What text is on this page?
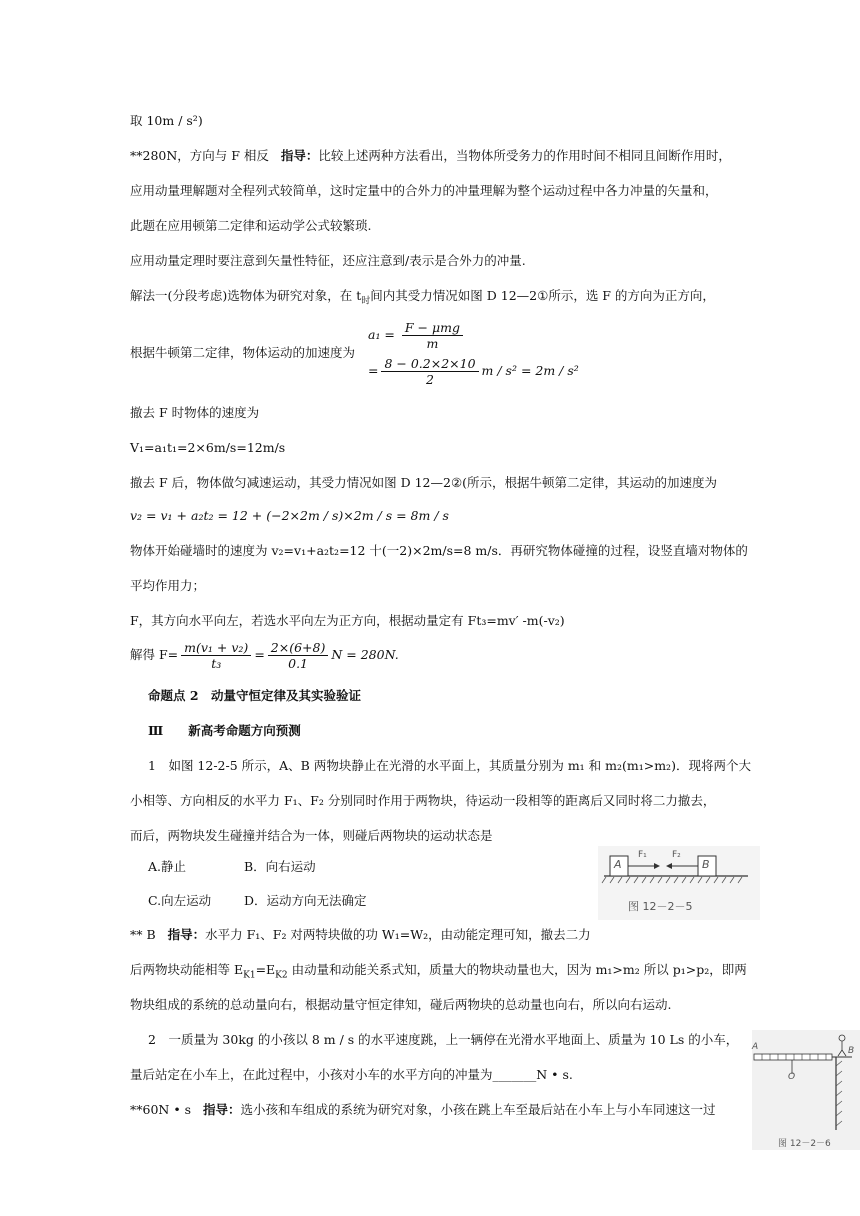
取 10m / s²)
**280N，方向与 F 相反 指导：比较上述两种方法看出，当物体所受务力的作用时间不相同且间断作用时，
应用动量理解题对全程列式较简单，这时定量中的合外力的冲量理解为整个运动过程中各力冲量的矢量和，
此题在应用顿第二定律和运动学公式较繁琐.
应用动量定理时要注意到矢量性特征，还应注意到/表示是合外力的冲量.
解法一(分段考虑)选物体为研究对象，在 $t_时$间内其受力情况如图 D 12—2①所示，选 F 的方向为正方向，
根据牛顿第二定律，物体运动的加速度为
$a_1 = \frac{\text{F − μmg}}{m}$
= $\frac{8 - 0.2\times 2\times 10}{2}$ m / s² = 2m / s²
撤去 F 时物体的速度为
V₁=a₁t₁=2×6m/s=12m/s
撤去 F 后，物体做匀减速运动，其受力情况如图 D 12—2②(所示，根据牛顿第二定律，其运动的加速度为
v₂ = v₁ + a₂t₂ = 12 + (−2×2m / s)×2m / s = 8m / s
物体开始碰墙时的速度为 v₂=v₁+a₂t₂=12 十(一2)×2m/s=8 m/s．再研究物体碰撞的过程，设竖直墙对物体的
平均作用力；
F，其方向水平向左，若选水平向左为正方向，根据动量定有 Ft₃=mv′ -m(-v₂)
解得 $F= \frac{\text{m(v₁ + v₂)}}{\text{t₃}} = \frac{2\times(6+8)}{0.1}$ N = 280N.
命题点 2　动量守恒定律及其实验验证
Ⅲ　　新高考命题方向预测
1　如图 12-2-5 所示，A、B 两物块静止在光滑的水平面上，其质量分别为 m₁ 和 m₂(m₁>m₂)．现将两个大
小相等、方向相反的水平力 F₁、F₂ 分别同时作用于两物块，待运动一段相等的距离后又同时将二力撤去，
而后，两物块发生碰撞并结合为一体，则碰后两物块的运动状态是
A.静止	B．向右运动
C.向左运动	D．运动方向无法确定
A	B
F₁	F₂
图 12－2－5
** B 指导：水平力 F₁、F₂ 对两特块做的功 W₁=W₂，由动能定理可知，撤去二力
后两物块动能相等 $E_{K1}=E_{K2}$ 由动量和动能关系式知，质量大的物块动量也大，因为 m₁>m₂ 所以 p₁>p₂，即两
物块组成的系统的总动量向右，根据动量守恒定律知，碰后两物块的总动量也向右，所以向右运动.
2　一质量为 30kg 的小孩以 8 m / s 的水平速度跳，上一辆停在光滑水平地面上、质量为 10 Ls 的小车，
量后站定在小车上，在此过程中，小孩对小车的水平方向的冲量为_______N • s.
**60N • s 指导：选小孩和车组成的系统为研究对象，小孩在跳上车至最后站在小车上与小车同速这一过
A	B
O
图 12－2－6
